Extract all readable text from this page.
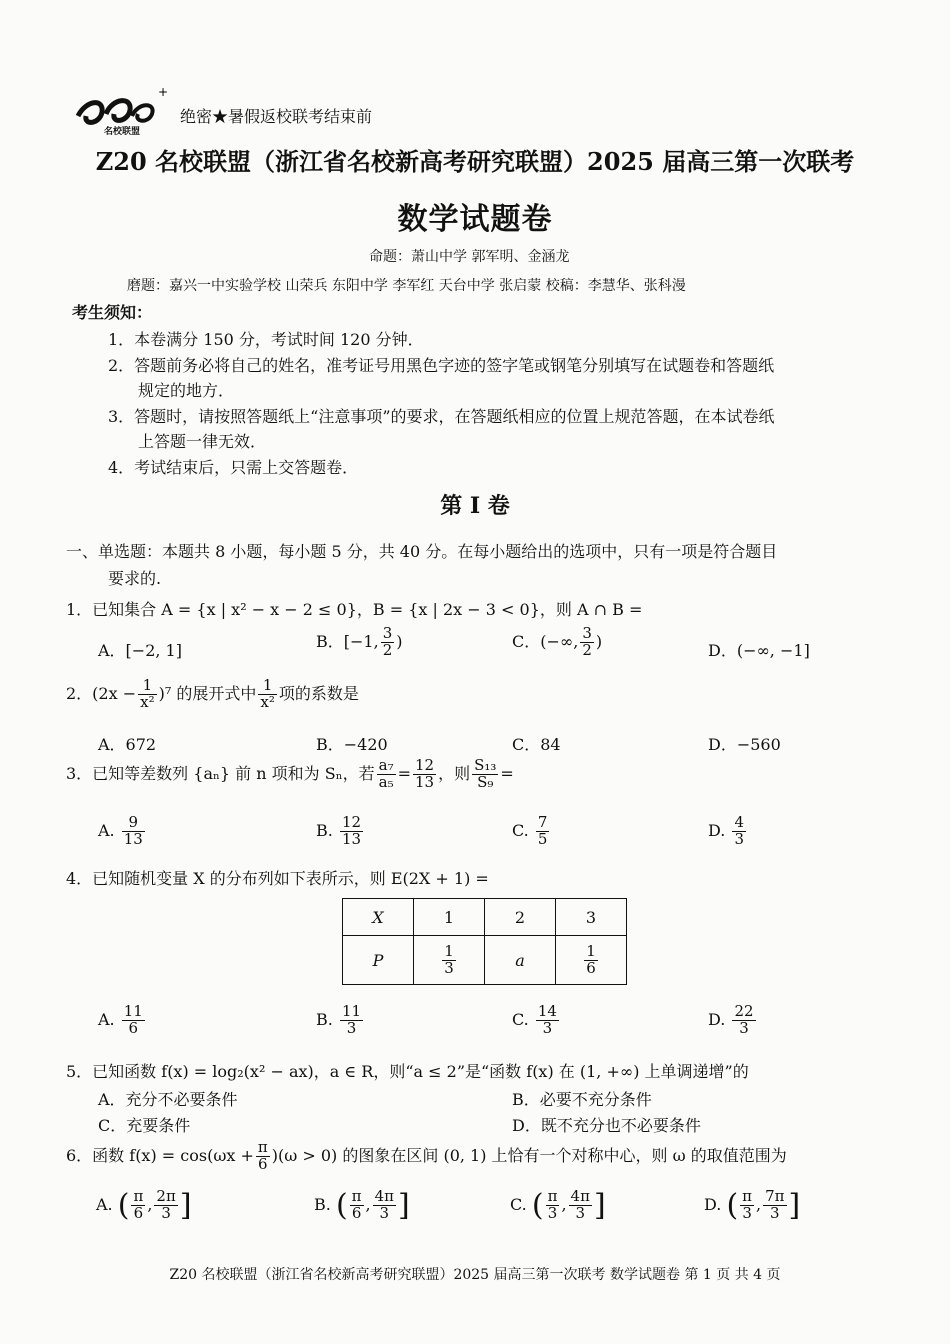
+
名校联盟
绝密★暑假返校联考结束前
Z20 名校联盟（浙江省名校新高考研究联盟）2025 届高三第一次联考
数学试题卷
命题：萧山中学 郭军明、金涵龙
磨题：嘉兴一中实验学校 山荣兵 东阳中学 李军红 天台中学 张启蒙 校稿：李慧华、张科漫
考生须知：
1．本卷满分 150 分，考试时间 120 分钟．
2．答题前务必将自己的姓名，准考证号用黑色字迹的签字笔或钢笔分别填写在试题卷和答题纸
规定的地方．
3．答题时，请按照答题纸上“注意事项”的要求，在答题纸相应的位置上规范答题，在本试卷纸
上答题一律无效．
4．考试结束后，只需上交答题卷．
第 I 卷
一、单选题：本题共 8 小题，每小题 5 分，共 40 分。在每小题给出的选项中，只有一项是符合题目
要求的.
1．已知集合 A = {x | x² − x − 2 ≤ 0}，B = {x | 2x − 3 < 0}，则 A ∩ B =
A．[−2, 1]	B．[−1, $\frac{3}{2}$ )	C．(−∞, $\frac{3}{2}$ )	D．(−∞, −1]
2．$(2x - \frac{1}{\text{x²}} )^7$ 的展开式中 $\frac{1}{\text{x²}}$ 项的系数是
A．672	B．−420	C．84	D．−560
3．已知等差数列 {aₙ} 前 n 项和为 Sₙ，若 $\frac{\text{a₇}}{\text{a₅}} = \frac{12}{13}$ ，则 $\frac{\text{S₁₃}}{\text{S₉}}$ =
A. $\frac{9}{13}$	B. $\frac{12}{13}$	C. $\frac{7}{5}$	D. $\frac{4}{3}$
4．已知随机变量 X 的分布列如下表所示，则 E(2X + 1) =
X	1	2	3
P	$\frac{1}{3}$	a	$\frac{1}{6}$
A. $\frac{11}{6}$	B. $\frac{11}{3}$	C. $\frac{14}{3}$	D. $\frac{22}{3}$
5．已知函数 f(x) = log₂(x² − ax)，a ∈ R，则“a ≤ 2”是“函数 f(x) 在 (1, +∞) 上单调递增”的
A．充分不必要条件	B．必要不充分条件
C．充要条件	D．既不充分也不必要条件
6．函数 $f(x) = \cos(\omega x + \frac{\pi}{6} )(\omega > 0)$ 的图象在区间 (0, 1) 上恰有一个对称中心，则 ω 的取值范围为
A. ( $\frac{\pi}{6}$ , $\frac{2\pi}{3}$ ]	B. ( $\frac{\pi}{6}$ , $\frac{4\pi}{3}$ ]	C. ( $\frac{\pi}{3}$ , $\frac{4\pi}{3}$ ]	D. ( $\frac{\pi}{3}$ , $\frac{7\pi}{3}$ ]
Z20 名校联盟（浙江省名校新高考研究联盟）2025 届高三第一次联考 数学试题卷 第 1 页 共 4 页
